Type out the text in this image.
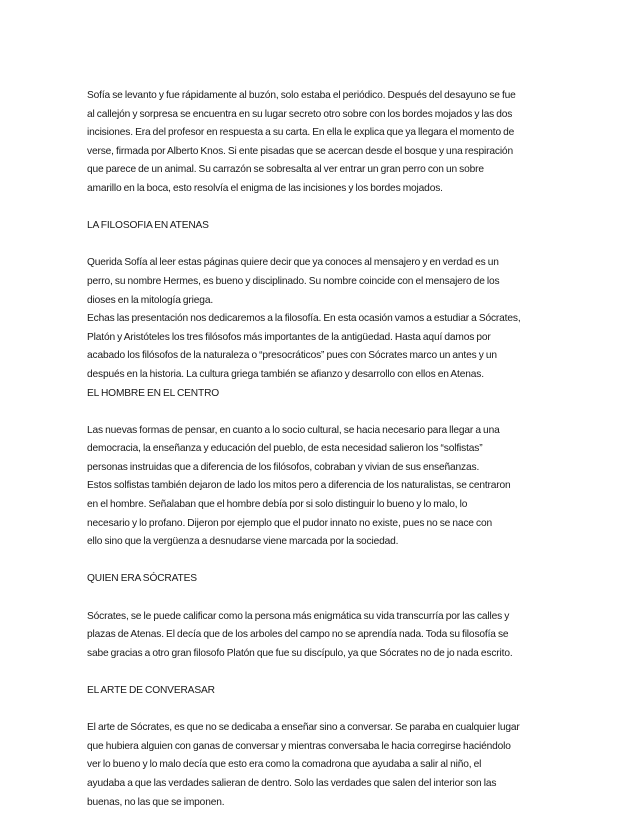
Sofía se levanto y fue rápidamente al buzón, solo estaba el periódico. Después del desayuno se fue
al callejón y sorpresa se encuentra en su lugar secreto otro sobre con los bordes mojados y las dos
incisiones. Era del profesor en respuesta a su carta. En ella le explica que ya llegara el momento de
verse, firmada por Alberto Knos. Si ente pisadas que se acercan desde el bosque y una respiración
que parece de un animal. Su carrazón se sobresalta al ver entrar un gran perro con un sobre
amarillo en la boca, esto resolvía el enigma de las incisiones y los bordes mojados.
LA FILOSOFIA EN ATENAS
Querida Sofía al leer estas páginas quiere decir que ya conoces al mensajero y en verdad es un
perro, su nombre Hermes, es bueno y disciplinado. Su nombre coincide con el mensajero de los
dioses en la mitología griega.
Echas las presentación nos dedicaremos a la filosofía. En esta ocasión vamos a estudiar a Sócrates,
Platón y Aristóteles los tres filósofos más importantes de la antigüedad. Hasta aquí damos por
acabado los filósofos de la naturaleza o “presocráticos” pues con Sócrates marco un antes y un
después en la historia. La cultura griega también se afianzo y desarrollo con ellos en Atenas.
EL HOMBRE EN EL CENTRO
Las nuevas formas de pensar, en cuanto a lo socio cultural, se hacia necesario para llegar a una
democracia, la enseñanza y educación del pueblo, de esta necesidad salieron los “solfistas”
personas instruidas que a diferencia de los filósofos, cobraban y vivian de sus enseñanzas.
Estos solfistas también dejaron de lado los mitos pero a diferencia de los naturalistas, se centraron
en el hombre. Señalaban que el hombre debía por si solo distinguir lo bueno y lo malo, lo
necesario y lo profano. Dijeron por ejemplo que el pudor innato no existe, pues no se nace con
ello sino que la vergüenza a desnudarse viene marcada por la sociedad.
QUIEN ERA SÓCRATES
Sócrates, se le puede calificar como la persona más enigmática su vida transcurría por las calles y
plazas de Atenas. El decía que de los arboles del campo no se aprendía nada. Toda su filosofía se
sabe gracias a otro gran filosofo Platón que fue su discípulo, ya que Sócrates no de jo nada escrito.
EL ARTE DE CONVERASAR
El arte de Sócrates, es que no se dedicaba a enseñar sino a conversar. Se paraba en cualquier lugar
que hubiera alguien con ganas de conversar y mientras conversaba le hacia corregirse haciéndolo
ver lo bueno y lo malo decía que esto era como la comadrona que ayudaba a salir al niño, el
ayudaba a que las verdades salieran de dentro. Solo las verdades que salen del interior son las
buenas, no las que se imponen.
